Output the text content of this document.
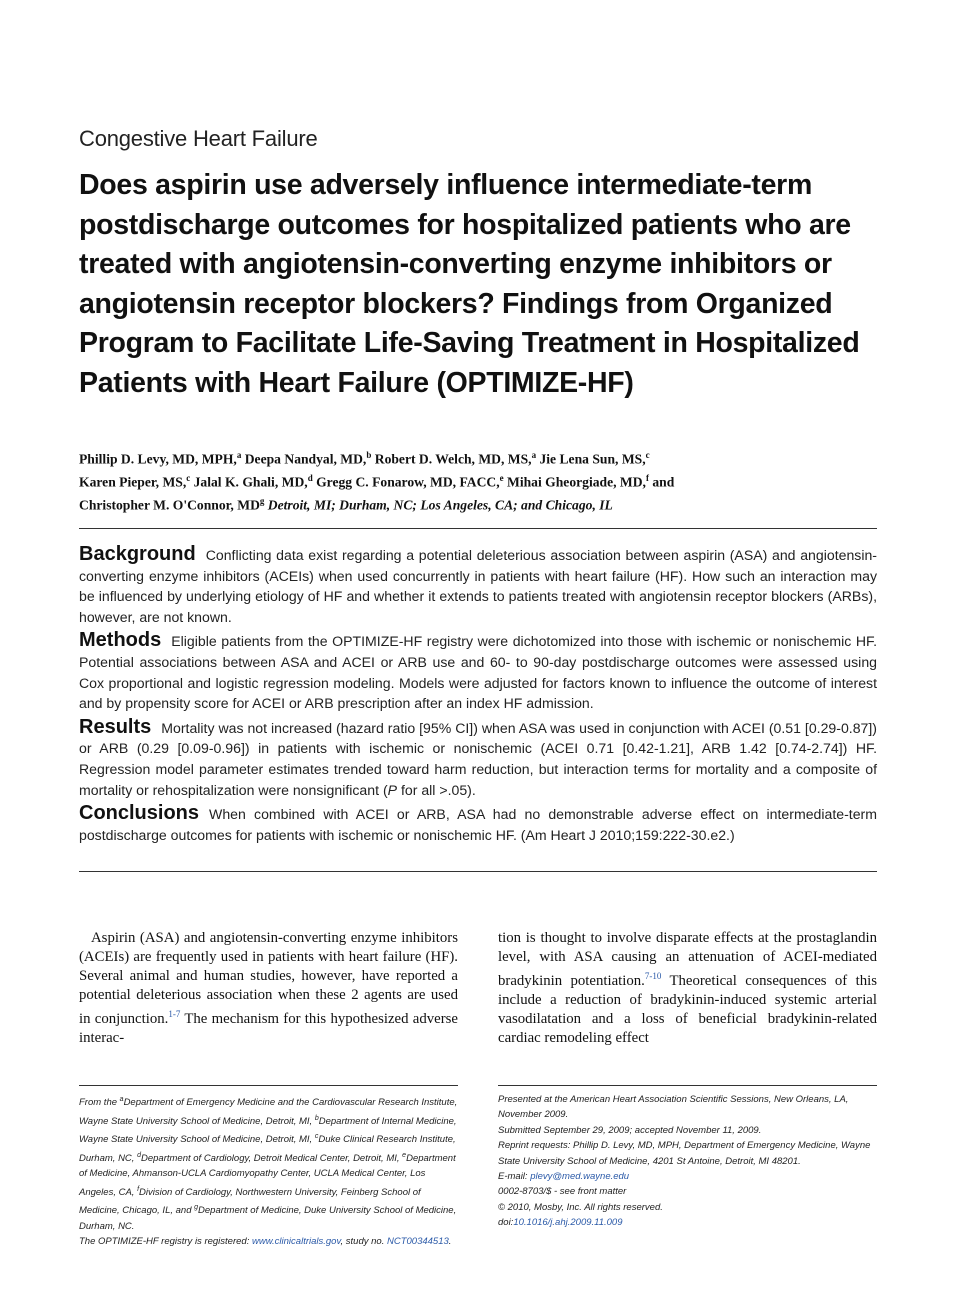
Congestive Heart Failure
Does aspirin use adversely influence intermediate-term postdischarge outcomes for hospitalized patients who are treated with angiotensin-converting enzyme inhibitors or angiotensin receptor blockers? Findings from Organized Program to Facilitate Life-Saving Treatment in Hospitalized Patients with Heart Failure (OPTIMIZE-HF)
Phillip D. Levy, MD, MPH,$^a$ Deepa Nandyal, MD,$^b$ Robert D. Welch, MD, MS,$^a$ Jie Lena Sun, MS,$^c$
Karen Pieper, MS,$^c$ Jalal K. Ghali, MD,$^d$ Gregg C. Fonarow, MD, FACC,$^e$ Mihai Gheorgiade, MD,$^f$ and
Christopher M. O'Connor, $MD^g$ Detroit, MI; Durham, NC; Los Angeles, CA; and Chicago, IL

Background Conflicting data exist regarding a potential deleterious association between aspirin (ASA) and angiotensin-converting enzyme inhibitors (ACEIs) when used concurrently in patients with heart failure (HF). How such an interaction may be influenced by underlying etiology of HF and whether it extends to patients treated with angiotensin receptor blockers (ARBs), however, are not known.

Methods Eligible patients from the OPTIMIZE-HF registry were dichotomized into those with ischemic or nonischemic HF. Potential associations between ASA and ACEI or ARB use and 60- to 90-day postdischarge outcomes were assessed using Cox proportional and logistic regression modeling. Models were adjusted for factors known to influence the outcome of interest and by propensity score for ACEI or ARB prescription after an index HF admission.

Results Mortality was not increased (hazard ratio [95% CI]) when ASA was used in conjunction with ACEI (0.51 [0.29-0.87]) or ARB (0.29 [0.09-0.96]) in patients with ischemic or nonischemic (ACEI 0.71 [0.42-1.21], ARB 1.42 [0.74-2.74]) HF. Regression model parameter estimates trended toward harm reduction, but interaction terms for mortality and a composite of mortality or rehospitalization were nonsignificant (P for all >.05).

Conclusions When combined with ACEI or ARB, ASA had no demonstrable adverse effect on intermediate-term postdischarge outcomes for patients with ischemic or nonischemic HF. (Am Heart J 2010;159:222-30.e2.)

Aspirin (ASA) and angiotensin-converting enzyme inhibitors (ACEIs) are frequently used in patients with heart failure (HF). Several animal and human studies, however, have reported a potential deleterious association when these 2 agents are used in conjunction.$^{1-7}$ The mechanism for this hypothesized adverse interac-

tion is thought to involve disparate effects at the prostaglandin level, with ASA causing an attenuation of ACEI-mediated bradykinin potentiation.$^{7-10}$ Theoretical consequences of this include a reduction of bradykinin-induced systemic arterial vasodilatation and a loss of beneficial bradykinin-related cardiac remodeling effect

From the $^a$Department of Emergency Medicine and the Cardiovascular Research Institute, Wayne State University School of Medicine, Detroit, MI, $^b$Department of Internal Medicine, Wayne State University School of Medicine, Detroit, MI, $^c$Duke Clinical Research Institute, Durham, NC, $^d$Department of Cardiology, Detroit Medical Center, Detroit, MI, $^e$Department of Medicine, Ahmanson-UCLA Cardiomyopathy Center, UCLA Medical Center, Los Angeles, CA, $^f$Division of Cardiology, Northwestern University, Feinberg School of Medicine, Chicago, IL, and $^g$Department of Medicine, Duke University School of Medicine, Durham, NC.

The OPTIMIZE-HF registry is registered: www.clinicaltrials.gov, study no. NCT00344513.

Presented at the American Heart Association Scientific Sessions, New Orleans, LA, November 2009.

Submitted September 29, 2009; accepted November 11, 2009.

Reprint requests: Phillip D. Levy, MD, MPH, Department of Emergency Medicine, Wayne State University School of Medicine, 4201 St Antoine, Detroit, MI 48201.

E-mail: plevy@med.wayne.edu

0002-8703/$ - see front matter

© 2010, Mosby, Inc. All rights reserved.

doi:10.1016/j.ahj.2009.11.009
